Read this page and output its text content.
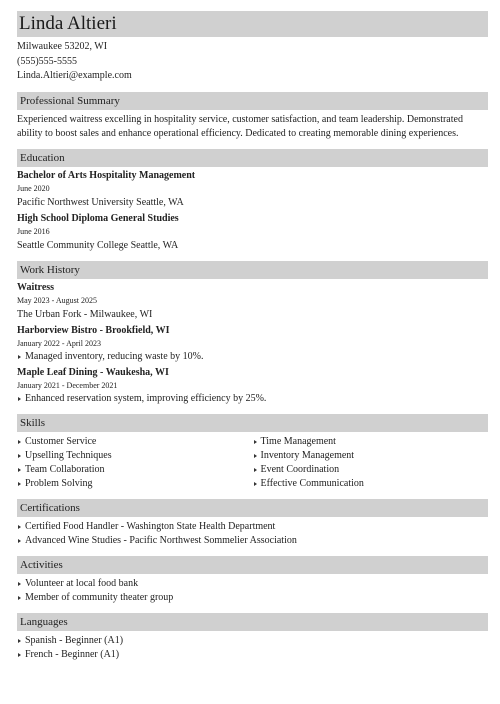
Linda Altieri
Milwaukee 53202, WI
(555)555-5555
Linda.Altieri@example.com
Professional Summary
Experienced waitress excelling in hospitality service, customer satisfaction, and team leadership. Demonstrated ability to boost sales and enhance operational efficiency. Dedicated to creating memorable dining experiences.
Education
Bachelor of Arts Hospitality Management
June 2020
Pacific Northwest University Seattle, WA
High School Diploma General Studies
June 2016
Seattle Community College Seattle, WA
Work History
Waitress
May 2023 - August 2025
The Urban Fork - Milwaukee, WI
Harborview Bistro - Brookfield, WI
January 2022 - April 2023
Managed inventory, reducing waste by 10%.
Maple Leaf Dining - Waukesha, WI
January 2021 - December 2021
Enhanced reservation system, improving efficiency by 25%.
Skills
Customer Service
Upselling Techniques
Team Collaboration
Problem Solving
Time Management
Inventory Management
Event Coordination
Effective Communication
Certifications
Certified Food Handler - Washington State Health Department
Advanced Wine Studies - Pacific Northwest Sommelier Association
Activities
Volunteer at local food bank
Member of community theater group
Languages
Spanish - Beginner (A1)
French - Beginner (A1)
